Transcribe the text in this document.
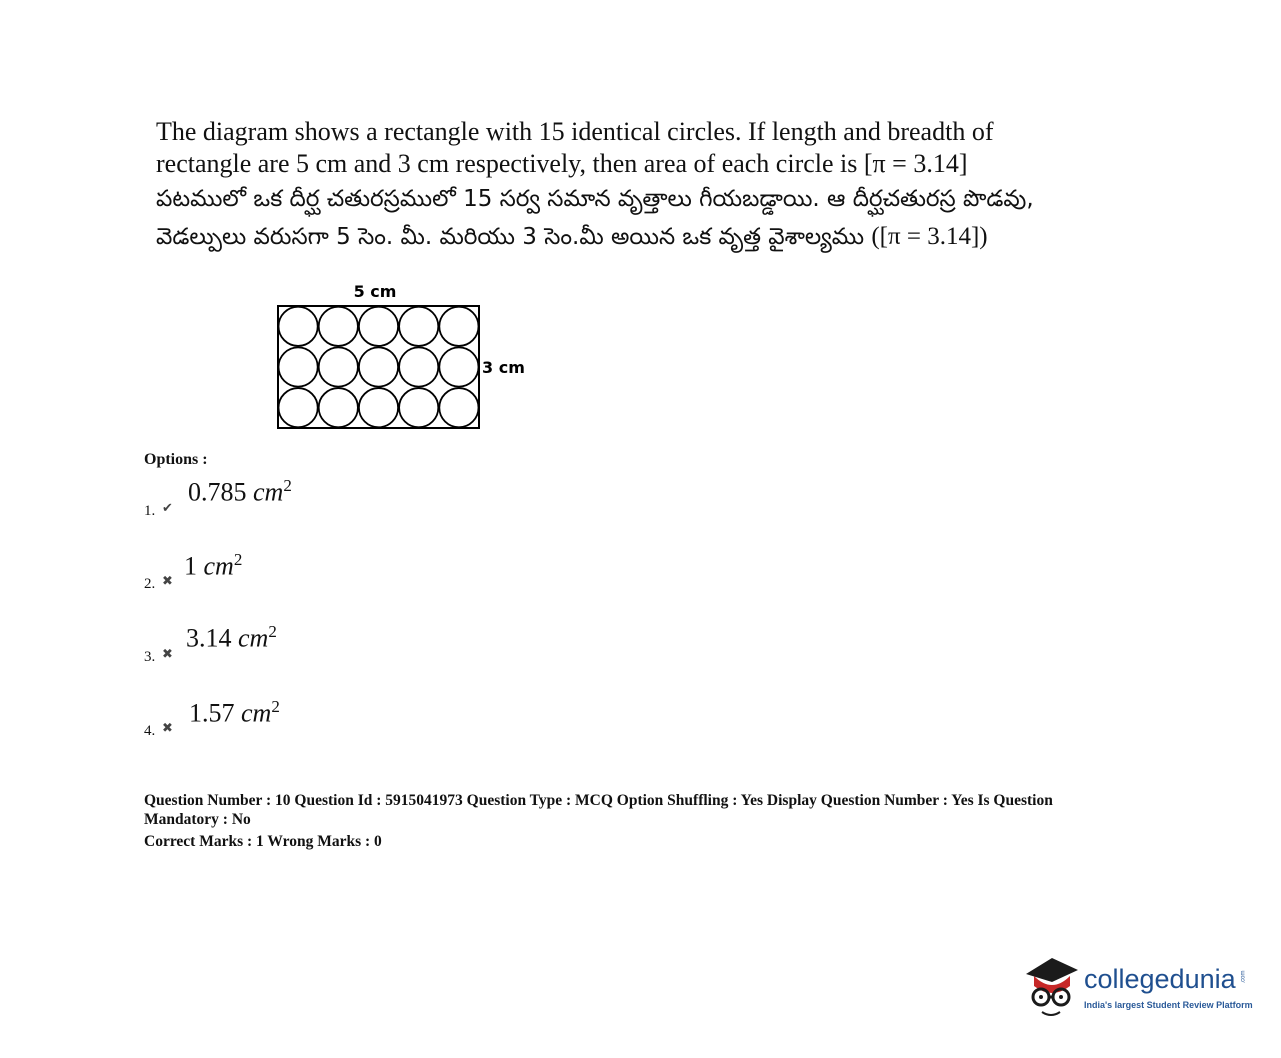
The diagram shows a rectangle with 15 identical circles. If length and breadth of

rectangle are 5 cm and 3 cm respectively, then area of each circle is [π = 3.14]

పటములో ఒక దీర్ఘ చతురస్రములో 15 సర్వ సమాన వృత్తాలు గీయబడ్డాయి. ఆ దీర్ఘచతురస్ర పొడవు,

వెడల్పులు వరుసగా 5 సెం. మీ. మరియు 3 సెం.మీ అయిన ఒక వృత్త వైశాల్యము ([π = 3.14])

5 cm
3 cm
Options :
1. ✔
0.785 $cm^2$
2. ✖ 1 $cm^2$
3. ✖
3.14 $cm^2$
4. ✖ 1.57 $cm^2$

Question Number : 10 Question Id : 5915041973 Question Type : MCQ Option Shuffling : Yes Display Question Number : Yes Is Question

Mandatory : No

Correct Marks : 1 Wrong Marks : 0

collegedunia .com
India's largest Student Review Platform
